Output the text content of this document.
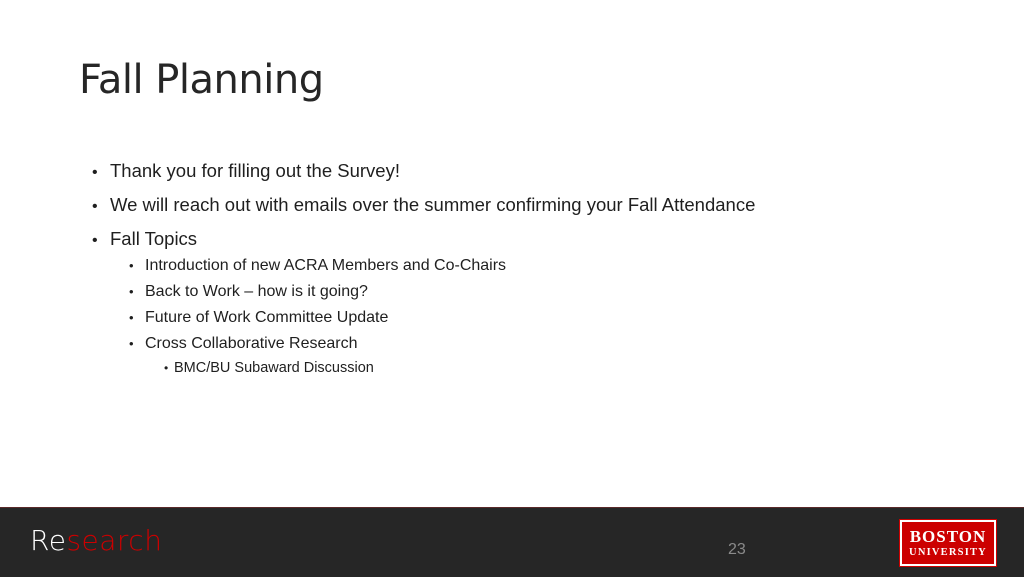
Fall Planning
• Thank you for filling out the Survey!
• We will reach out with emails over the summer confirming your Fall Attendance
• Fall Topics
• Introduction of new ACRA Members and Co-Chairs
• Back to Work – how is it going?
• Future of Work Committee Update
• Cross Collaborative Research
• BMC/BU Subaward Discussion
Research	23
BOSTON
UNIVERSITY
